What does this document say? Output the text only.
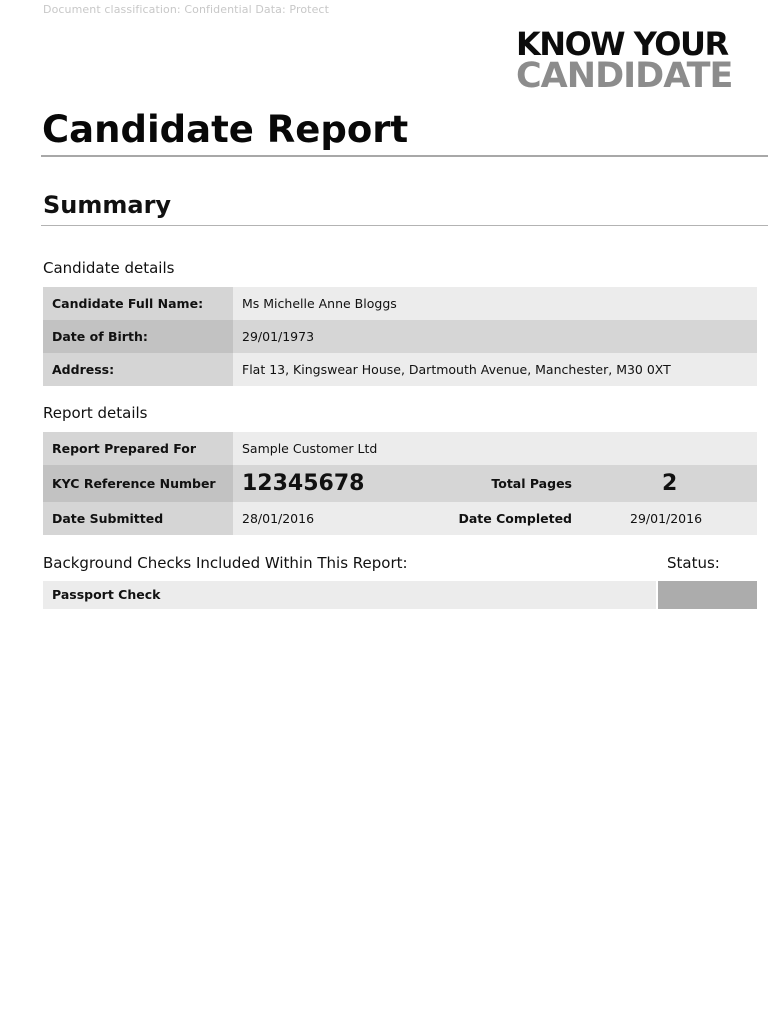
Document classification: Confidential Data: Protect
KNOW YOUR
CANDIDATE
Candidate Report
Summary
Candidate details
Candidate Full Name:	Ms Michelle Anne Bloggs
Date of Birth:	29/01/1973
Address:	Flat 13, Kingswear House, Dartmouth Avenue, Manchester, M30 0XT
Report details
Report Prepared For	Sample Customer Ltd		
KYC Reference Number	12345678	Total Pages	2
Date Submitted	28/01/2016	Date Completed	29/01/2016
Background Checks Included Within This Report:	Status:
Passport Check
